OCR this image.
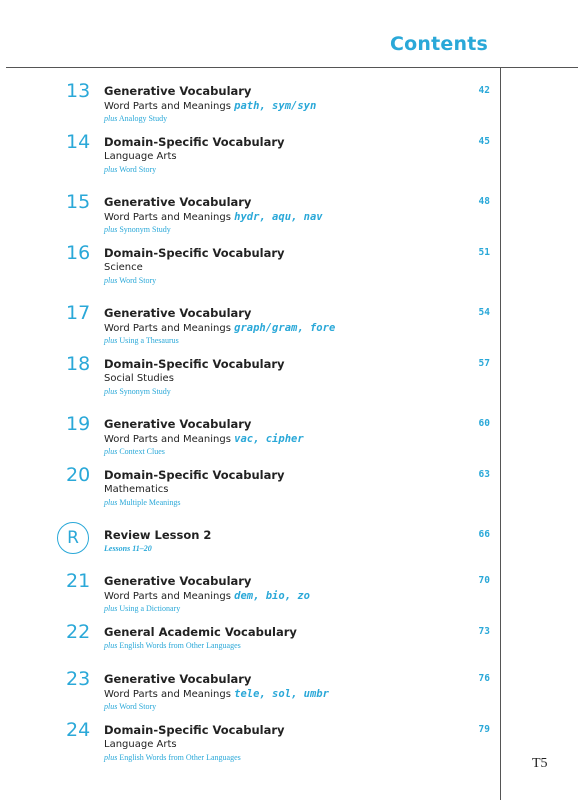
Contents
13 Generative Vocabulary
Word Parts and Meanings path, sym/syn
plus Analogy Study
42
14 Domain-Specific Vocabulary
Language Arts
plus Word Story
45
15 Generative Vocabulary
Word Parts and Meanings hydr, aqu, nav
plus Synonym Study
48
16 Domain-Specific Vocabulary
Science
plus Word Story
51
17 Generative Vocabulary
Word Parts and Meanings graph/gram, fore
plus Using a Thesaurus
54
18 Domain-Specific Vocabulary
Social Studies
plus Synonym Study
57
19 Generative Vocabulary
Word Parts and Meanings vac, cipher
plus Context Clues
60
20 Domain-Specific Vocabulary
Mathematics
plus Multiple Meanings
63
R	Review Lesson 2
Lessons 11–20
66
21 Generative Vocabulary
Word Parts and Meanings dem, bio, zo
plus Using a Dictionary
70
22 General Academic Vocabulary
plus English Words from Other Languages
73
23 Generative Vocabulary
Word Parts and Meanings tele, sol, umbr
plus Word Story
76
24 Domain-Specific Vocabulary
Language Arts
plus English Words from Other Languages
79
T5
